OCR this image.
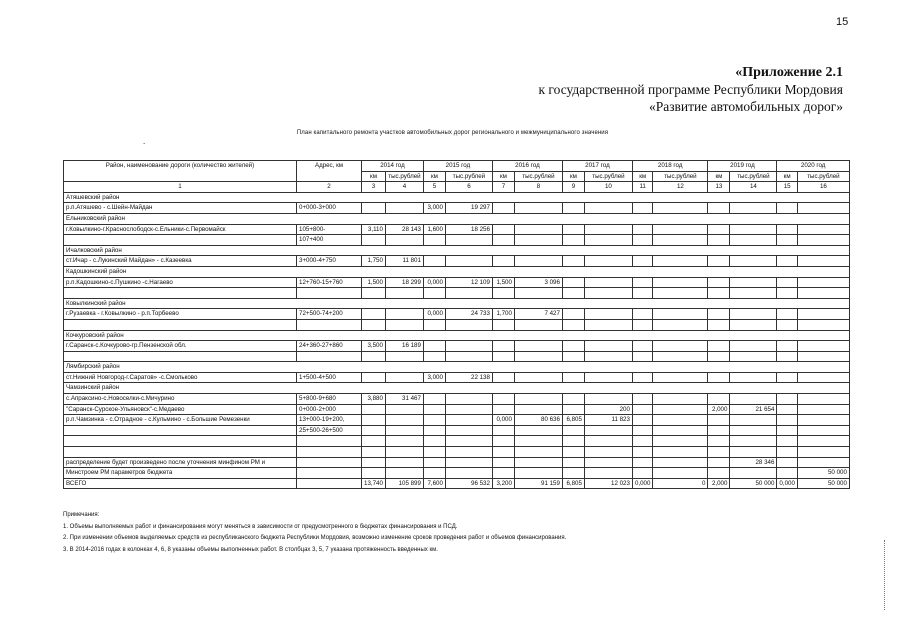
15
«Приложение 2.1
к государственной программе Республики Мордовия
«Развитие автомобильных дорог»
План капитального ремонта участков автомобильных дорог регионального и межмуниципального значения
·
Район, наименование дороги (количество жителей)	Адрес, км	2014 год		2015 год		2016 год		2017 год		2018 год		2019 год		2020 год	
		км	тыс.рублей	км	тыс.рублей	км	тыс.рублей	км	тыс.рублей	км	тыс.рублей	км	тыс.рублей	км	тыс.рублей
1	2	3	4	5	6	7	8	9	10	11	12	13	14	15	16
Атяшевский район															
р.п.Атяшево - с.Шейн-Майдан	0+000-3+000			3,000	19 297										
Ельниковский район															
г.Ковылкино-г.Краснослободск-с.Ельники-с.Первомайск	105+800-	3,110	28 143	1,600	18 256										
	107+400														
Ичалковский район															
ст.Ичар - с.Лукинский Майдан» - с.Казеевка	3+000-4+750	1,750	11 801												
Кадошкинский район															
р.п.Кадошкино-с.Пушкино -с.Нагаево	12+760-15+760	1,500	18 299	0,000	12 109	1,500	3 096								

Ковылкинский район															
г.Рузаевка - г.Ковылкино - р.п.Торбеево	72+500-74+200			0,000	24 733	1,700	7 427								

Кочкуровский район															
г.Саранск-с.Кочкурово-гр.Пензенской обл.	24+360-27+860	3,500	16 189												

Лямбирский район															
ст.Нижний Новгород-г.Саратов» -с.Смольково	1+500-4+500			3,000	22 138										
Чамзинский район															
с.Апраксино-с.Новоселки-с.Мичурино	5+800-9+680	3,880	31 467												
"Саранск-Сурское-Ульяновск"-с.Медаево	0+000-2+000								200			2,000	21 654		
р.п.Чамзинка - с.Отрадное - с.Кульмино - с.Большие Ремезенки	13+000-19+200,					0,000	80 636	6,805	11 823						
	25+500-26+500														

распределение будет произведено после уточнения минфином РМ и													28 346		
Минстроем РМ параметров бюджета															50 000
ВСЕГО		13,740	105 899	7,600	96 532	3,200	91 159	6,805	12 023	0,000	0	2,000	50 000	0,000	50 000
Примечания:
1. Объемы выполняемых работ и финансирования могут меняться в зависимости от предусмотренного в бюджетах финансирования и ПСД.
2. При изменении объемов выделяемых средств из республиканского бюджета Республики Мордовия, возможно изменение сроков проведения работ и объемов финансирования.
3. В 2014-2016 годах в колонках 4, 6, 8 указаны объемы выполненных работ. В столбцах 3, 5, 7 указана протяженность введенных км.
